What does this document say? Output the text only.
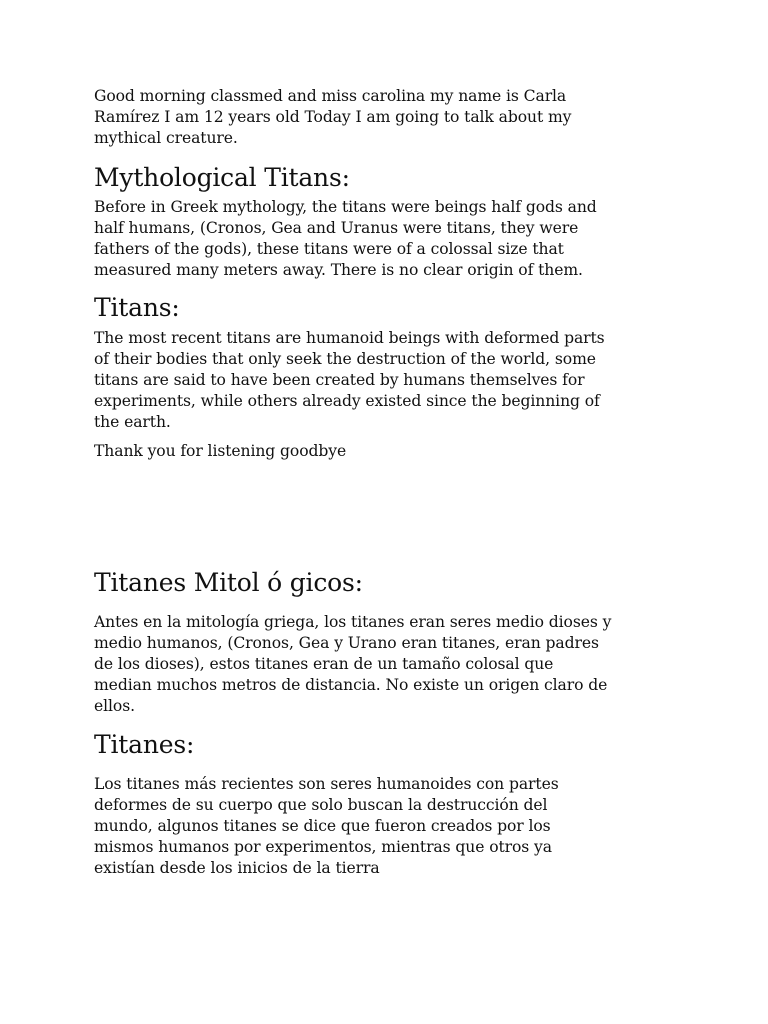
Good morning classmed and miss carolina my name is Carla
Ramírez I am 12 years old Today I am going to talk about my
mythical creature.

Mythological Titans:

Before in Greek mythology, the titans were beings half gods and
half humans, (Cronos, Gea and Uranus were titans, they were
fathers of the gods), these titans were of a colossal size that
measured many meters away. There is no clear origin of them.

Titans:

The most recent titans are humanoid beings with deformed parts
of their bodies that only seek the destruction of the world, some
titans are said to have been created by humans themselves for
experiments, while others already existed since the beginning of
the earth.

Thank you for listening goodbye

Titanes Mitol ó gicos:

Antes en la mitología griega, los titanes eran seres medio dioses y
medio humanos, (Cronos, Gea y Urano eran titanes, eran padres
de los dioses), estos titanes eran de un tamaño colosal que
median muchos metros de distancia. No existe un origen claro de
ellos.

Titanes:

Los titanes más recientes son seres humanoides con partes
deformes de su cuerpo que solo buscan la destrucción del
mundo, algunos titanes se dice que fueron creados por los
mismos humanos por experimentos, mientras que otros ya
existían desde los inicios de la tierra
